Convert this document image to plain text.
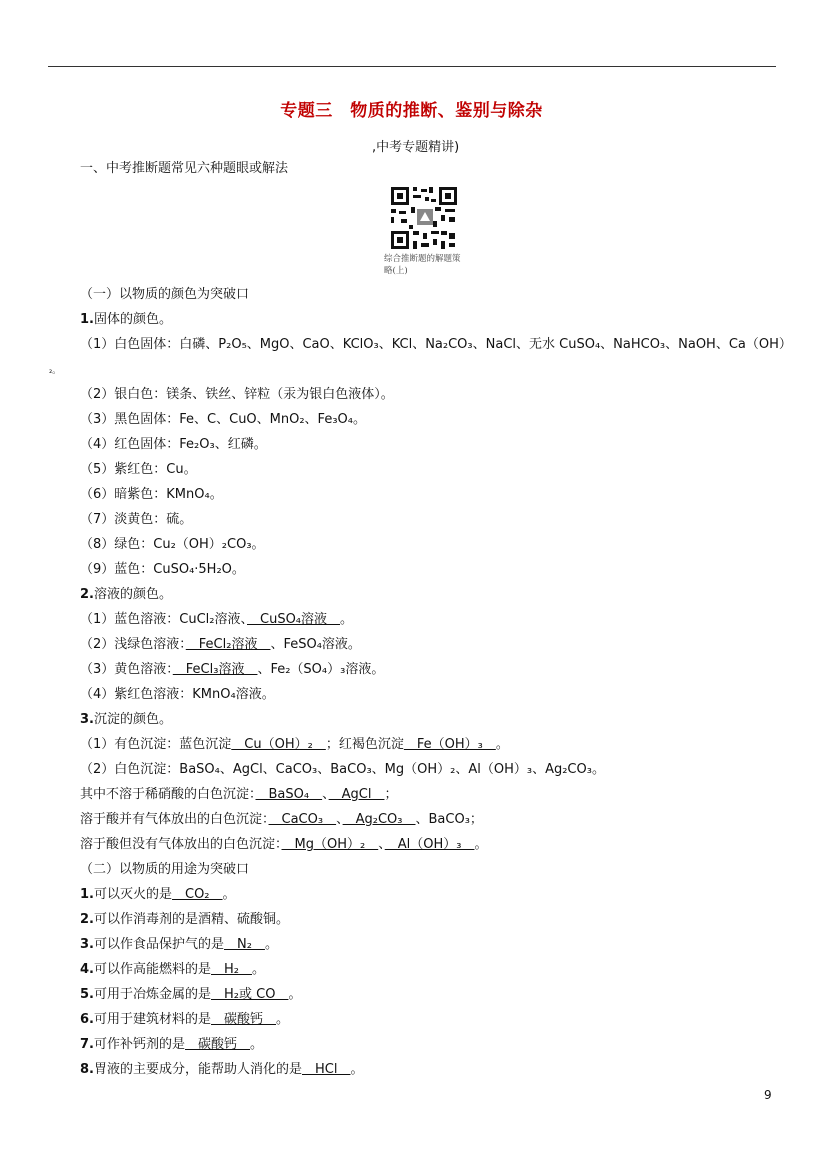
专题三　物质的推断、鉴别与除杂
,中考专题精讲)
一、中考推断题常见六种题眼或解法
综合推断题的解题策略(上)
（一）以物质的颜色为突破口
1.固体的颜色。
（1）白色固体：白磷、P₂O₅、MgO、CaO、KClO₃、KCl、Na₂CO₃、NaCl、无水 CuSO₄、NaHCO₃、NaOH、Ca（OH）
₂。
（2）银白色：镁条、铁丝、锌粒（汞为银白色液体）。
（3）黑色固体：Fe、C、CuO、MnO₂、Fe₃O₄。
（4）红色固体：Fe₂O₃、红磷。
（5）紫红色：Cu。
（6）暗紫色：KMnO₄。
（7）淡黄色：硫。
（8）绿色：Cu₂（OH）₂CO₃。
（9）蓝色：CuSO₄·5H₂O。
2.溶液的颜色。
（1）蓝色溶液：CuCl₂溶液、　CuSO₄溶液　。
（2）浅绿色溶液：　FeCl₂溶液　、FeSO₄溶液。
（3）黄色溶液：　FeCl₃溶液　、Fe₂（SO₄）₃溶液。
（4）紫红色溶液：KMnO₄溶液。
3.沉淀的颜色。
（1）有色沉淀：蓝色沉淀　Cu（OH）₂　；红褐色沉淀　Fe（OH）₃　。
（2）白色沉淀：BaSO₄、AgCl、CaCO₃、BaCO₃、Mg（OH）₂、Al（OH）₃、Ag₂CO₃。
其中不溶于稀硝酸的白色沉淀：　BaSO₄　、　AgCl　；
溶于酸并有气体放出的白色沉淀：　CaCO₃　、　Ag₂CO₃　、BaCO₃；
溶于酸但没有气体放出的白色沉淀：　Mg（OH）₂　、　Al（OH）₃　。
（二）以物质的用途为突破口
1.可以灭火的是　CO₂　。
2.可以作消毒剂的是酒精、硫酸铜。
3.可以作食品保护气的是　N₂　。
4.可以作高能燃料的是　H₂　。
5.可用于冶炼金属的是　H₂或 CO　。
6.可用于建筑材料的是　碳酸钙　。
7.可作补钙剂的是　碳酸钙　。
8.胃液的主要成分，能帮助人消化的是　HCl　。
9
